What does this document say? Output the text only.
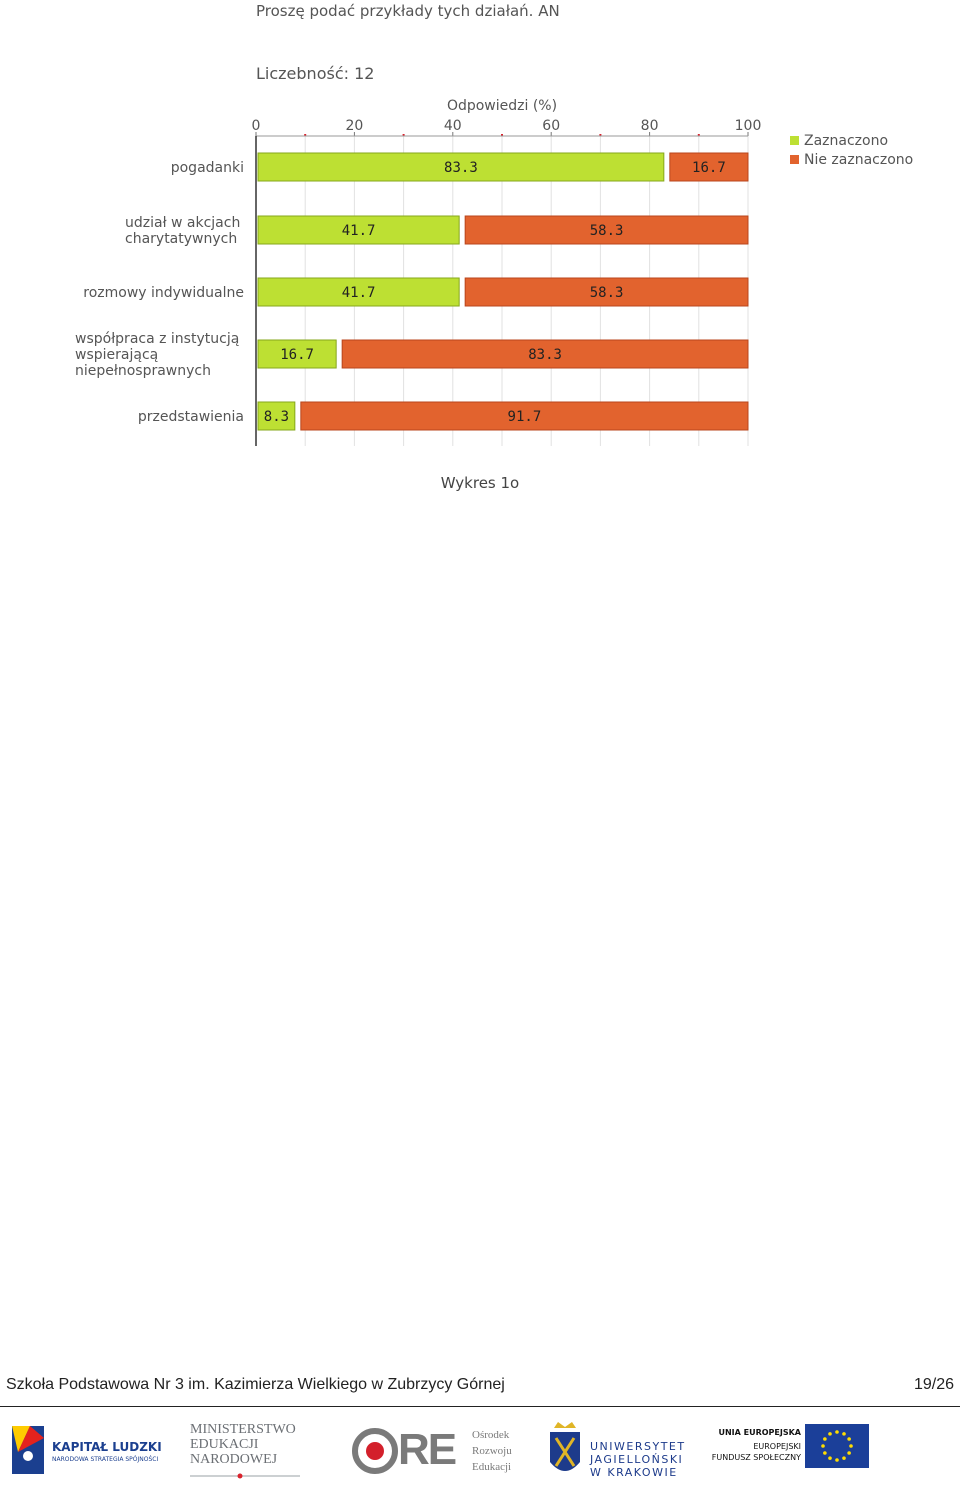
Proszę podać przykłady tych działań. AN
Liczebność: 12
Odpowiedzi (%)
0	20	40	60	80	100
pogadanki
udział w akcjach
charytatywnych
rozmowy indywidualne
współpraca z instytucją
wspierającą
niepełnosprawnych
przedstawienia
83.3	16.7
41.7	58.3
41.7	58.3
16.7	83.3
8.3	91.7
Zaznaczono
Nie zaznaczono
Wykres 1o
Szkoła Podstawowa Nr 3 im. Kazimierza Wielkiego w Zubrzycy Górnej	19/26
KAPITAŁ LUDZKI
NARODOWA STRATEGIA SPÓJNOŚCI
MINISTERSTWO
EDUKACJI
NARODOWEJ	RE Ośrodek
Rozwoju
Edukacji
UNIWERSYTET
JAGIELLOŃSKI
W KRAKOWIE
UNIA EUROPEJSKA
EUROPEJSKI
FUNDUSZ SPOŁECZNY
